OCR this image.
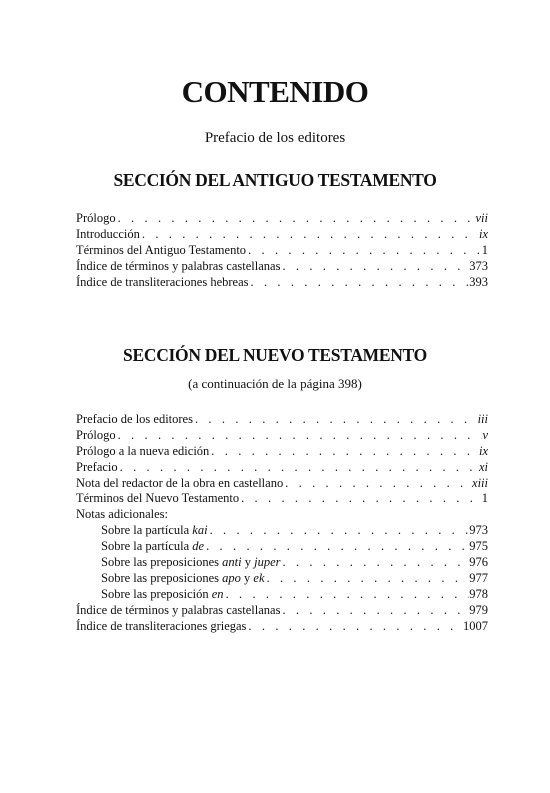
CONTENIDO
Prefacio de los editores
SECCIÓN DEL ANTIGUO TESTAMENTO
Prólogo . . .	vii
Introducción . . .	ix
Términos del Antiguo Testamento . . .	1
Índice de términos y palabras castellanas . . .	373
Índice de transliteraciones hebreas . . .	393
SECCIÓN DEL NUEVO TESTAMENTO
(a continuación de la página 398)
Prefacio de los editores . . .	iii
Prólogo . . .	v
Prólogo a la nueva edición . . .	ix
Prefacio . . .	xi
Nota del redactor de la obra en castellano . . .	xiii
Términos del Nuevo Testamento . . .	1
Notas adicionales:
Sobre la partícula kai . . .	973
Sobre la partícula de . . .	975
Sobre las preposiciones anti y juper . . .	976
Sobre las preposiciones apo y ek . . .	977
Sobre las preposición en . . .	978
Índice de términos y palabras castellanas . . .	979
Índice de transliteraciones griegas . . .	1007
